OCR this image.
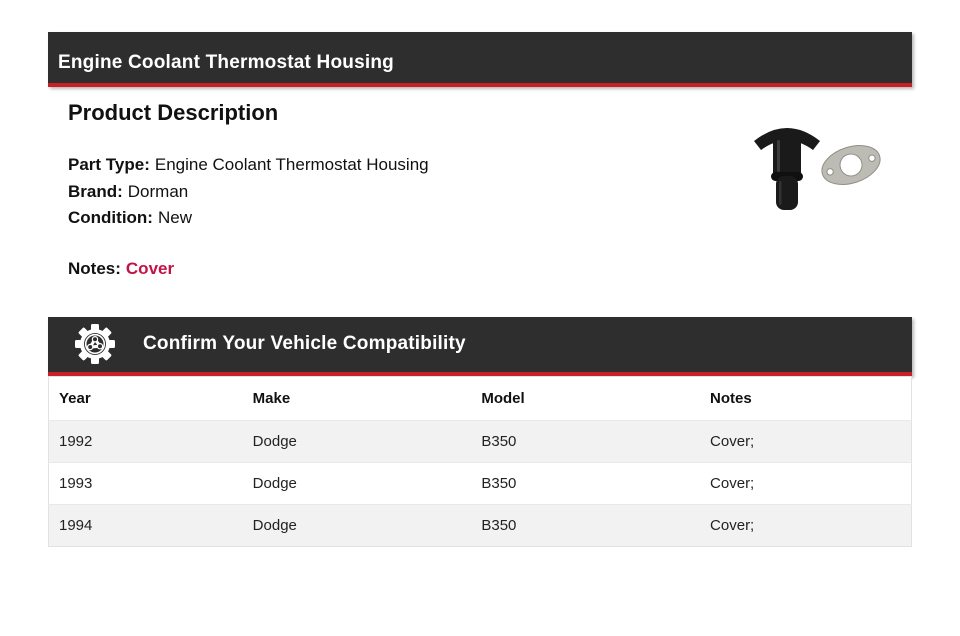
Engine Coolant Thermostat Housing
Product Description
Part Type: Engine Coolant Thermostat Housing
Brand: Dorman
Condition: New

Notes: Cover

Confirm Your Vehicle Compatibility
Year	Make	Model	Notes
1992	Dodge	B350	Cover;
1993	Dodge	B350	Cover;
1994	Dodge	B350	Cover;
